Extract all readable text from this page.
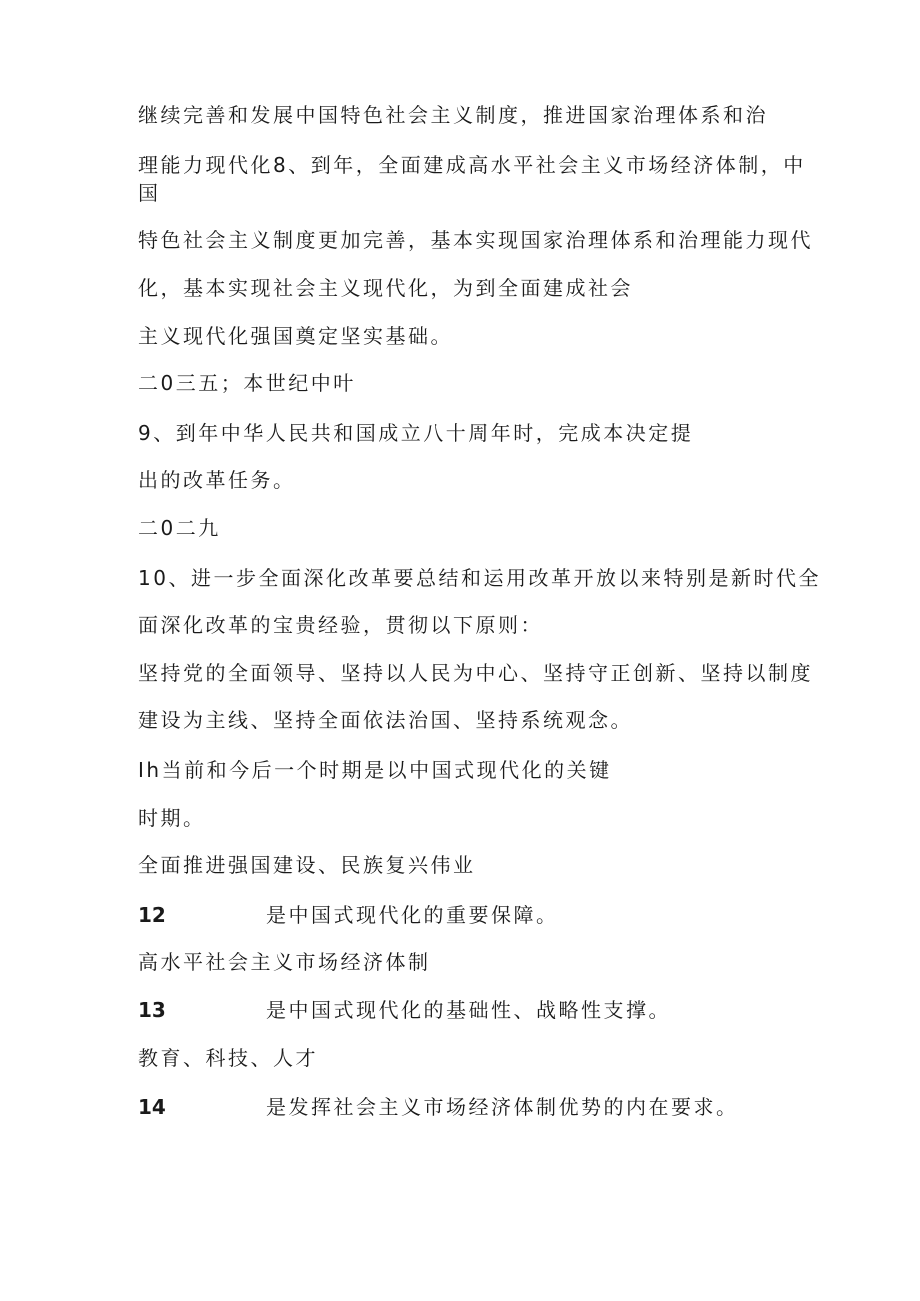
继续完善和发展中国特色社会主义制度，推进国家治理体系和治
理能力现代化8、到年，全面建成高水平社会主义市场经济体制，中
国
特色社会主义制度更加完善，基本实现国家治理体系和治理能力现代
化，基本实现社会主义现代化，为到全面建成社会
主义现代化强国奠定坚实基础。
二0三五；本世纪中叶
9、到年中华人民共和国成立八十周年时，完成本决定提
出的改革任务。
二0二九
10、进一步全面深化改革要总结和运用改革开放以来特别是新时代全
面深化改革的宝贵经验，贯彻以下原则：
坚持党的全面领导、坚持以人民为中心、坚持守正创新、坚持以制度
建设为主线、坚持全面依法治国、坚持系统观念。
Ih当前和今后一个时期是以中国式现代化的关键
时期。
全面推进强国建设、民族复兴伟业
12	是中国式现代化的重要保障。
高水平社会主义市场经济体制
13	是中国式现代化的基础性、战略性支撑。
教育、科技、人才
14	是发挥社会主义市场经济体制优势的内在要求。
